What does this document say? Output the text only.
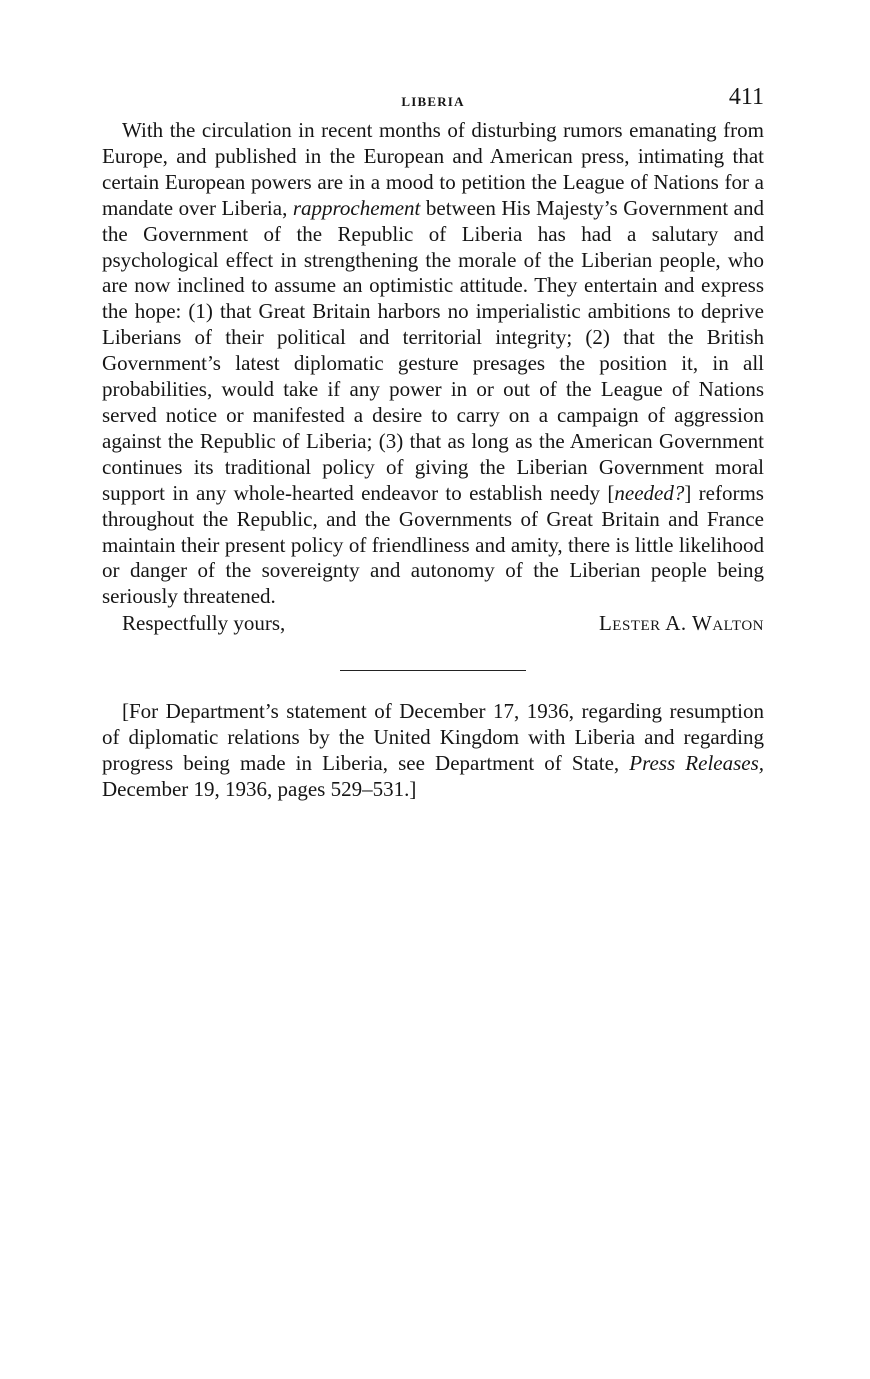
LIBERIA	411

With the circulation in recent months of disturbing rumors emanating from Europe, and published in the European and American press, intimating that certain European powers are in a mood to petition the League of Nations for a mandate over Liberia, rapprochement between His Majesty’s Government and the Government of the Republic of Liberia has had a salutary and psychological effect in strengthening the morale of the Liberian people, who are now inclined to assume an optimistic attitude. They entertain and express the hope: (1) that Great Britain harbors no imperialistic ambitions to deprive Liberians of their political and territorial integrity; (2) that the British Government’s latest diplomatic gesture presages the position it, in all probabilities, would take if any power in or out of the League of Nations served notice or manifested a desire to carry on a campaign of aggression against the Republic of Liberia; (3) that as long as the American Government continues its traditional policy of giving the Liberian Government moral support in any whole-hearted endeavor to establish needy [needed?] reforms throughout the Republic, and the Governments of Great Britain and France maintain their present policy of friendliness and amity, there is little likelihood or danger of the sovereignty and autonomy of the Liberian people being seriously threatened.

Respectfully yours,	Lester A. Walton

[For Department’s statement of December 17, 1936, regarding resumption of diplomatic relations by the United Kingdom with Liberia and regarding progress being made in Liberia, see Department of State, Press Releases, December 19, 1936, pages 529–531.]
